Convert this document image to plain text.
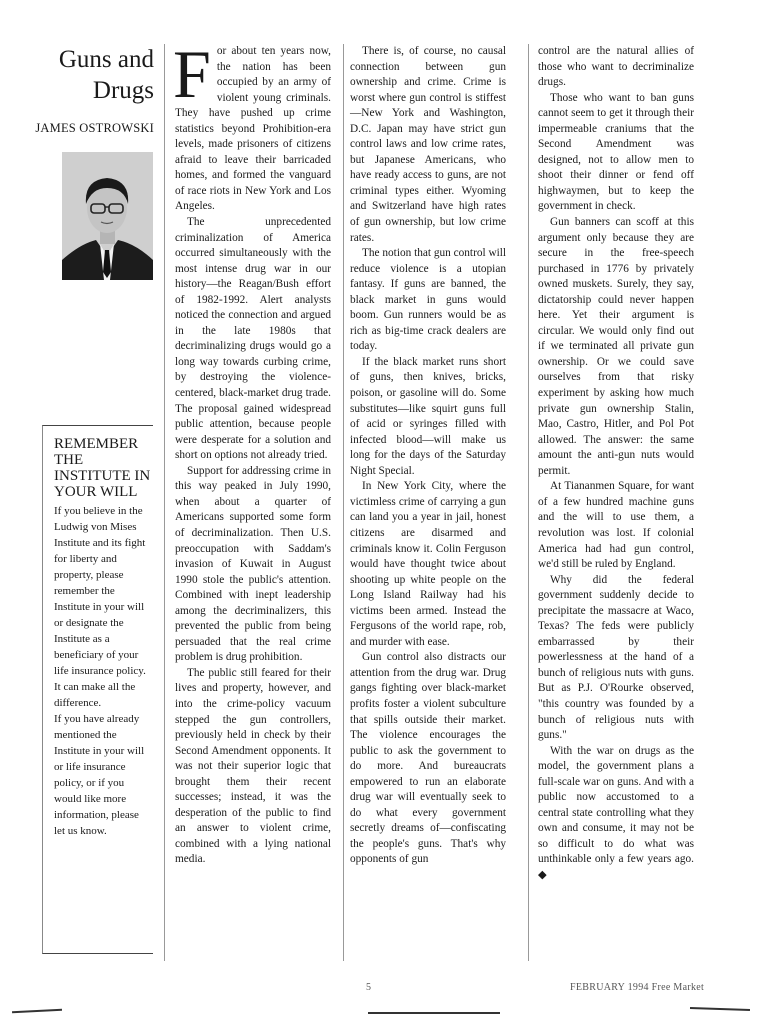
Guns and
Drugs
JAMES OSTROWSKI
REMEMBER THE INSTITUTE IN YOUR WILL

If you believe in the Ludwig von Mises Institute and its fight for liberty and property, please remember the Institute in your will or designate the Institute as a beneficiary of your life insurance policy. It can make all the difference.

If you have already mentioned the Institute in your will or life insurance policy, or if you would like more information, please let us know.

For about ten years now, the nation has been occupied by an army of violent young criminals. They have pushed up crime statistics beyond Prohibition-era levels, made prisoners of citizens afraid to leave their barricaded homes, and formed the vanguard of race riots in New York and Los Angeles.

The unprecedented criminalization of America occurred simultaneously with the most intense drug war in our history—the Reagan/Bush effort of 1982-1992. Alert analysts noticed the connection and argued in the late 1980s that decriminalizing drugs would go a long way towards curbing crime, by destroying the violence-centered, black-market drug trade. The proposal gained widespread public attention, because people were desperate for a solution and short on options not already tried.

Support for addressing crime in this way peaked in July 1990, when about a quarter of Americans supported some form of decriminalization. Then U.S. preoccupation with Saddam's invasion of Kuwait in August 1990 stole the public's attention. Combined with inept leadership among the decriminalizers, this prevented the public from being persuaded that the real crime problem is drug prohibition.

The public still feared for their lives and property, however, and into the crime-policy vacuum stepped the gun controllers, previously held in check by their Second Amendment opponents. It was not their superior logic that brought them their recent successes; instead, it was the desperation of the public to find an answer to violent crime, combined with a lying national media.

There is, of course, no causal connection between gun ownership and crime. Crime is worst where gun control is stiffest—New York and Washington, D.C. Japan may have strict gun control laws and low crime rates, but Japanese Americans, who have ready access to guns, are not criminal types either. Wyoming and Switzerland have high rates of gun ownership, but low crime rates.

The notion that gun control will reduce violence is a utopian fantasy. If guns are banned, the black market in guns would boom. Gun runners would be as rich as big-time crack dealers are today.

If the black market runs short of guns, then knives, bricks, poison, or gasoline will do. Some substitutes—like squirt guns full of acid or syringes filled with infected blood—will make us long for the days of the Saturday Night Special.

In New York City, where the victimless crime of carrying a gun can land you a year in jail, honest citizens are disarmed and criminals know it. Colin Ferguson would have thought twice about shooting up white people on the Long Island Railway had his victims been armed. Instead the Fergusons of the world rape, rob, and murder with ease.

Gun control also distracts our attention from the drug war. Drug gangs fighting over black-market profits foster a violent subculture that spills outside their market. The violence encourages the public to ask the government to do more. And bureaucrats empowered to run an elaborate drug war will eventually seek to do what every government secretly dreams of—confiscating the people's guns. That's why opponents of gun

control are the natural allies of those who want to decriminalize drugs.

Those who want to ban guns cannot seem to get it through their impermeable craniums that the Second Amendment was designed, not to allow men to shoot their dinner or fend off highwaymen, but to keep the government in check.

Gun banners can scoff at this argument only because they are secure in the free-speech purchased in 1776 by privately owned muskets. Surely, they say, dictatorship could never happen here. Yet their argument is circular. We would only find out if we terminated all private gun ownership. Or we could save ourselves from that risky experiment by asking how much private gun ownership Stalin, Mao, Castro, Hitler, and Pol Pot allowed. The answer: the same amount the anti-gun nuts would permit.

At Tiananmen Square, for want of a few hundred machine guns and the will to use them, a revolution was lost. If colonial America had had gun control, we'd still be ruled by England.

Why did the federal government suddenly decide to precipitate the massacre at Waco, Texas? The feds were publicly embarrassed by their powerlessness at the hand of a bunch of religious nuts with guns. But as P.J. O'Rourke observed, "this country was founded by a bunch of religious nuts with guns."

With the war on drugs as the model, the government plans a full-scale war on guns. And with a public now accustomed to a central state controlling what they own and consume, it may not be so difficult to do what was unthinkable only a few years ago. ◆

5	FEBRUARY 1994 Free Market
